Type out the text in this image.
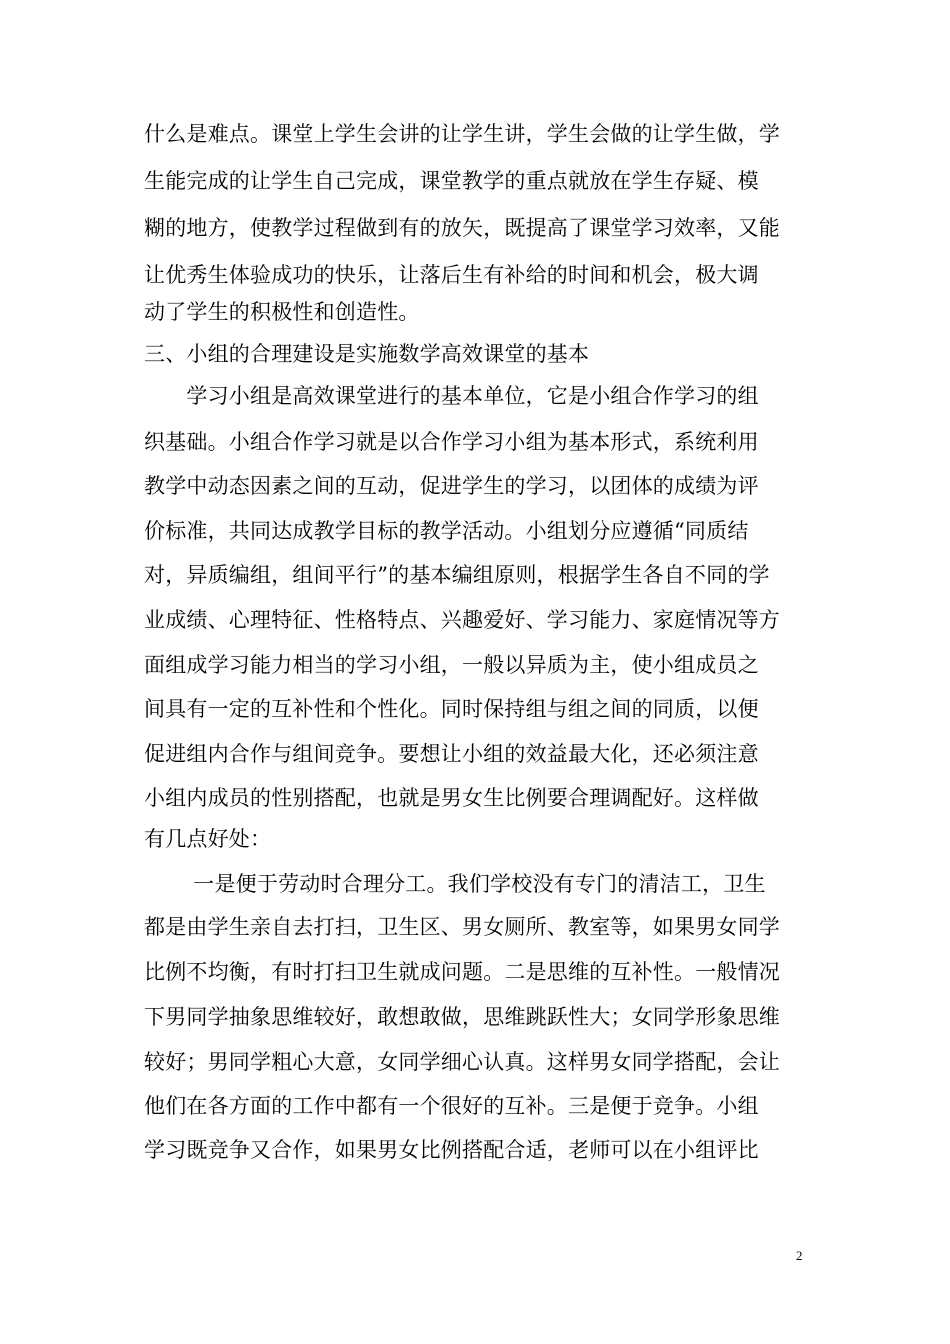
什么是难点。课堂上学生会讲的让学生讲，学生会做的让学生做，学
生能完成的让学生自己完成，课堂教学的重点就放在学生存疑、模
糊的地方，使教学过程做到有的放矢，既提高了课堂学习效率，又能
让优秀生体验成功的快乐，让落后生有补给的时间和机会，极大调
动了学生的积极性和创造性。
三、小组的合理建设是实施数学高效课堂的基本
　　学习小组是高效课堂进行的基本单位，它是小组合作学习的组
织基础。小组合作学习就是以合作学习小组为基本形式，系统利用
教学中动态因素之间的互动，促进学生的学习，以团体的成绩为评
价标准，共同达成教学目标的教学活动。小组划分应遵循“同质结
对，异质编组，组间平行”的基本编组原则，根据学生各自不同的学
业成绩、心理特征、性格特点、兴趣爱好、学习能力、家庭情况等方
面组成学习能力相当的学习小组，一般以异质为主，使小组成员之
间具有一定的互补性和个性化。同时保持组与组之间的同质，以便
促进组内合作与组间竞争。要想让小组的效益最大化，还必须注意
小组内成员的性别搭配，也就是男女生比例要合理调配好。这样做
有几点好处：
　　 一是便于劳动时合理分工。我们学校没有专门的清洁工，卫生
都是由学生亲自去打扫，卫生区、男女厕所、教室等，如果男女同学
比例不均衡，有时打扫卫生就成问题。二是思维的互补性。一般情况
下男同学抽象思维较好，敢想敢做，思维跳跃性大；女同学形象思维
较好；男同学粗心大意，女同学细心认真。这样男女同学搭配，会让
他们在各方面的工作中都有一个很好的互补。三是便于竞争。小组
学习既竞争又合作，如果男女比例搭配合适，老师可以在小组评比
2
